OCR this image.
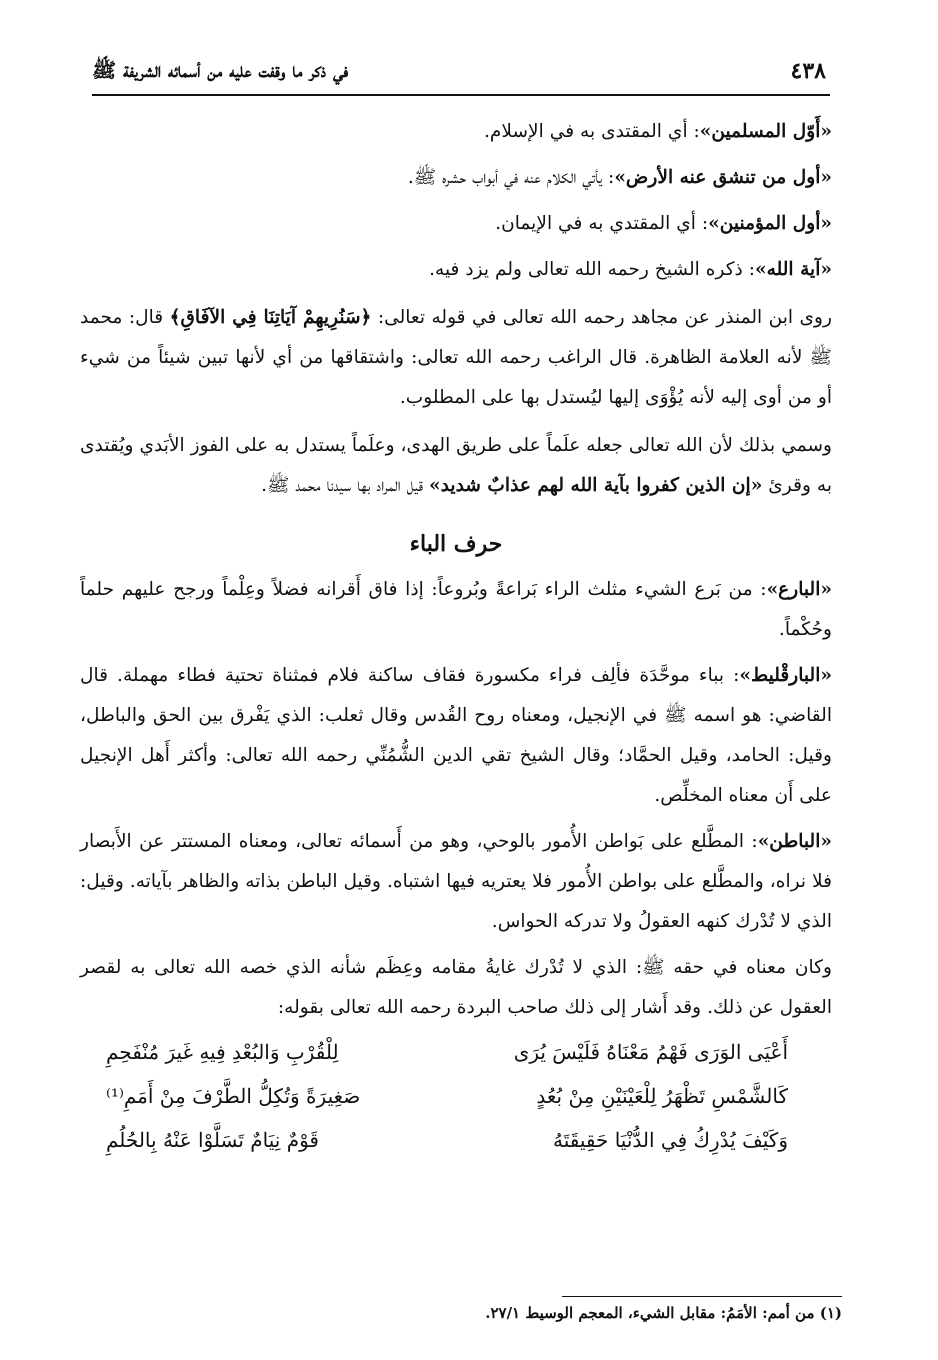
٤٣٨
في ذكر ما وقفت عليه من أسمائه الشريفة ﷺ

«أَوّل المسلمين»: أي المقتدى به في الإسلام.

«أول من تنشق عنه الأرض»: يأتي الكلام عنه في أبواب حشره ﷺ.

«أول المؤمنين»: أي المقتدي به في الإيمان.

«آية الله»: ذكره الشيخ رحمه الله تعالى ولم يزد فيه.

روى ابن المنذر عن مجاهد رحمه الله تعالى في قوله تعالى: ﴿سَنُرِيهِمْ آيَاتِنَا فِي الآفَاقِ﴾ قال: محمد ﷺ لأنه العلامة الظاهرة. قال الراغب رحمه الله تعالى: واشتقاقها من أي لأنها تبين شيئاً من شيء أو من أوى إليه لأنه يُؤْوَى إليها ليُستدل بها على المطلوب.

وسمي بذلك لأن الله تعالى جعله علَماً على طريق الهدى، وعلَماً يستدل به على الفوز الأبَدي ويُقتدى به وقرئ «إن الذين كفروا بآية الله لهم عذابٌ شديد» قيل المراد بها سيدنا محمد ﷺ.

حرف الباء

«البارع»: من بَرع الشيء مثلث الراء بَراعةً وبُروعاً: إذا فاق أَقرانه فضلاً وعِلْماً ورجح عليهم حلماً وحُكْماً.

«البارقْليط»: بباء موحَّدَة فألِف فراء مكسورة فقاف ساكنة فلام فمثناة تحتية فطاء مهملة. قال القاضي: هو اسمه ﷺ في الإنجيل، ومعناه روح القُدس وقال ثعلب: الذي يَفْرق بين الحق والباطل، وقيل: الحامد، وقيل الحمَّاد؛ وقال الشيخ تقي الدين الشُّمُنِّي رحمه الله تعالى: وأكثر أَهل الإنجيل على أَن معناه المخلِّص.

«الباطن»: المطَّلع على بَواطن الأُمور بالوحي، وهو من أَسمائه تعالى، ومعناه المستتر عن الأَبصار فلا نراه، والمطَّلع على بواطن الأُمور فلا يعتريه فيها اشتباه. وقيل الباطن بذاته والظاهر بآياته. وقيل: الذي لا تُدْرك كنهه العقولُ ولا تدركه الحواس.

وكان معناه في حقه ﷺ: الذي لا تُدْرك غايةُ مقامه وعِظَم شأنه الذي خصه الله تعالى به لقصر العقول عن ذلك. وقد أَشار إلى ذلك صاحب البردة رحمه الله تعالى بقوله:

أَعْيَى الوَرَى فَهْمُ مَعْنَاهُ فَلَيْسَ يُرَى
لِلْقُرْبِ وَالبُعْدِ فِيهِ غَيرَ مُنْفَحِمِ
كَالشَّمْسِ تَظْهَرُ لِلْعَيْنَيْنِ مِنْ بُعُدٍ
صَغِيرَةً وَتُكِلُّ الطَّرْفَ مِنْ أَمَمِ⁽¹⁾
وَكَيْفَ يُدْرِكُ فِي الدُّنْيَا حَقِيقَتَهُ
قَوْمٌ نِيَامٌ تَسَلَّوْا عَنْهُ بِالحُلُمِ
(١) من أمم: الأمَمُ: مقابل الشيء، المعجم الوسيط ٢٧/١.
